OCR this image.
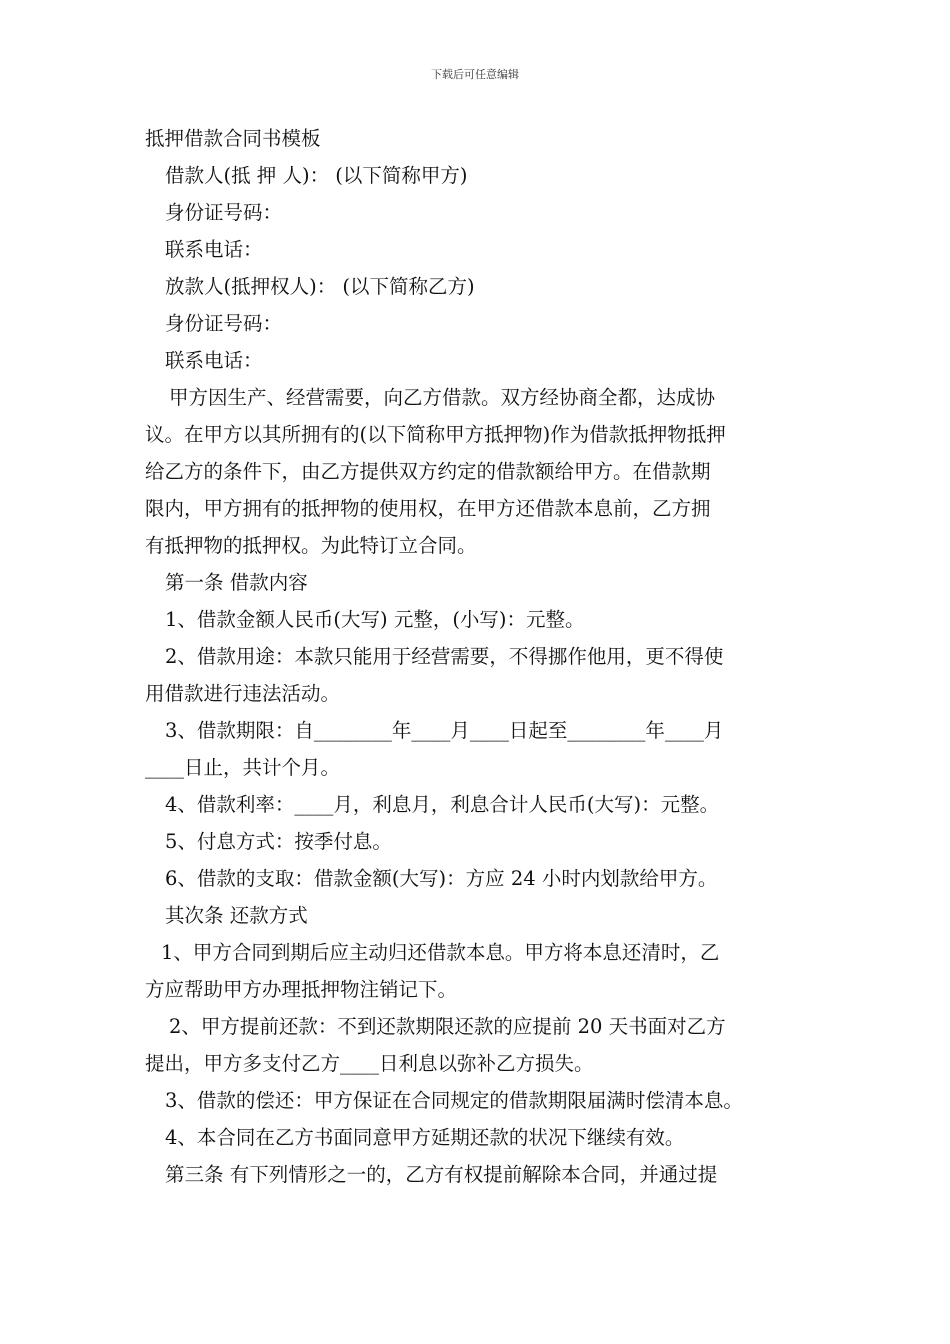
下载后可任意编辑

抵押借款合同书模板

借款人(抵 押 人)： (以下简称甲方)

身份证号码：

联系电话：

放款人(抵押权人)： (以下简称乙方)

身份证号码：

联系电话：

甲方因生产、经营需要，向乙方借款。双方经协商全都，达成协

议。在甲方以其所拥有的(以下简称甲方抵押物)作为借款抵押物抵押

给乙方的条件下，由乙方提供双方约定的借款额给甲方。在借款期

限内，甲方拥有的抵押物的使用权，在甲方还借款本息前，乙方拥

有抵押物的抵押权。为此特订立合同。

第一条 借款内容

1、借款金额人民币(大写) 元整，(小写)：元整。

2、借款用途：本款只能用于经营需要，不得挪作他用，更不得使

用借款进行违法活动。

3、借款期限：自________年____月____日起至________年____月

____日止，共计个月。

4、借款利率：____月，利息月，利息合计人民币(大写)：元整。

5、付息方式：按季付息。

6、借款的支取：借款金额(大写)：方应 24 小时内划款给甲方。

其次条 还款方式

1、甲方合同到期后应主动归还借款本息。甲方将本息还清时，乙

方应帮助甲方办理抵押物注销记下。

2、甲方提前还款：不到还款期限还款的应提前 20 天书面对乙方

提出，甲方多支付乙方____日利息以弥补乙方损失。

3、借款的偿还：甲方保证在合同规定的借款期限届满时偿清本息。

4、本合同在乙方书面同意甲方延期还款的状况下继续有效。

第三条 有下列情形之一的，乙方有权提前解除本合同，并通过提
